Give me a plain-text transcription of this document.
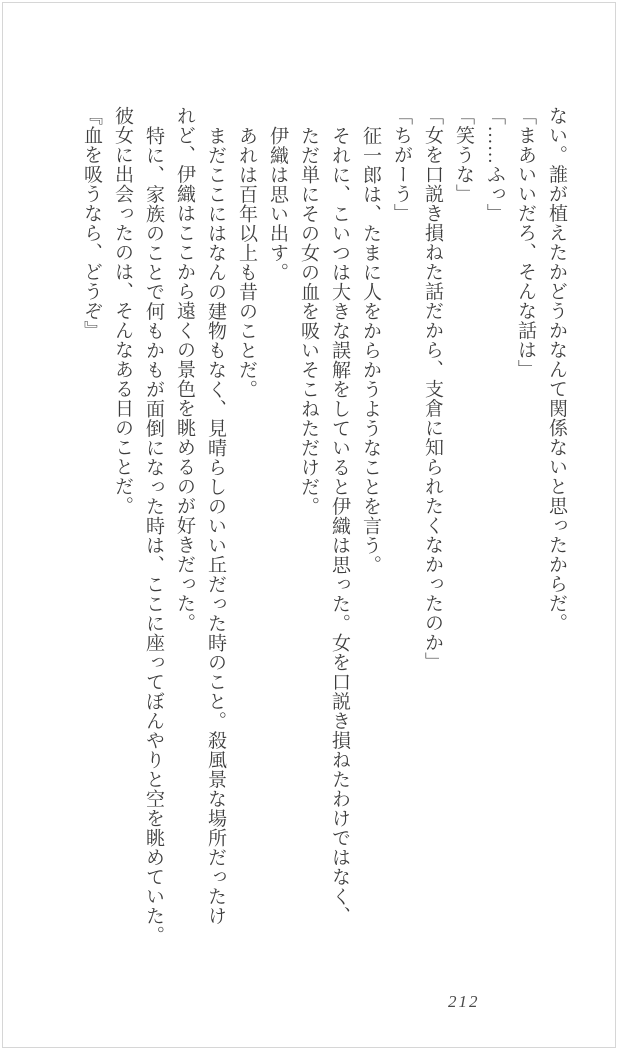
ない。誰が植えたかどうかなんて関係ないと思ったからだ。

「まあいいだろ、そんな話は」

「……ふっ」

「笑うな」

「女を口説き損ねた話だから、支倉に知られたくなかったのか」

「ちがーう」

征一郎は、たまに人をからかうようなことを言う。

それに、こいつは大きな誤解をしていると伊織は思った。女を口説き損ねたわけではなく、

ただ単にその女の血を吸いそこねただけだ。

伊織は思い出す。

あれは百年以上も昔のことだ。

まだここにはなんの建物もなく、見晴らしのいい丘だった時のこと。殺風景な場所だったけ

れど、伊織はここから遠くの景色を眺めるのが好きだった。

特に、家族のことで何もかもが面倒になった時は、ここに座ってぼんやりと空を眺めていた。

彼女に出会ったのは、そんなある日のことだ。

『血を吸うなら、どうぞ』

212
